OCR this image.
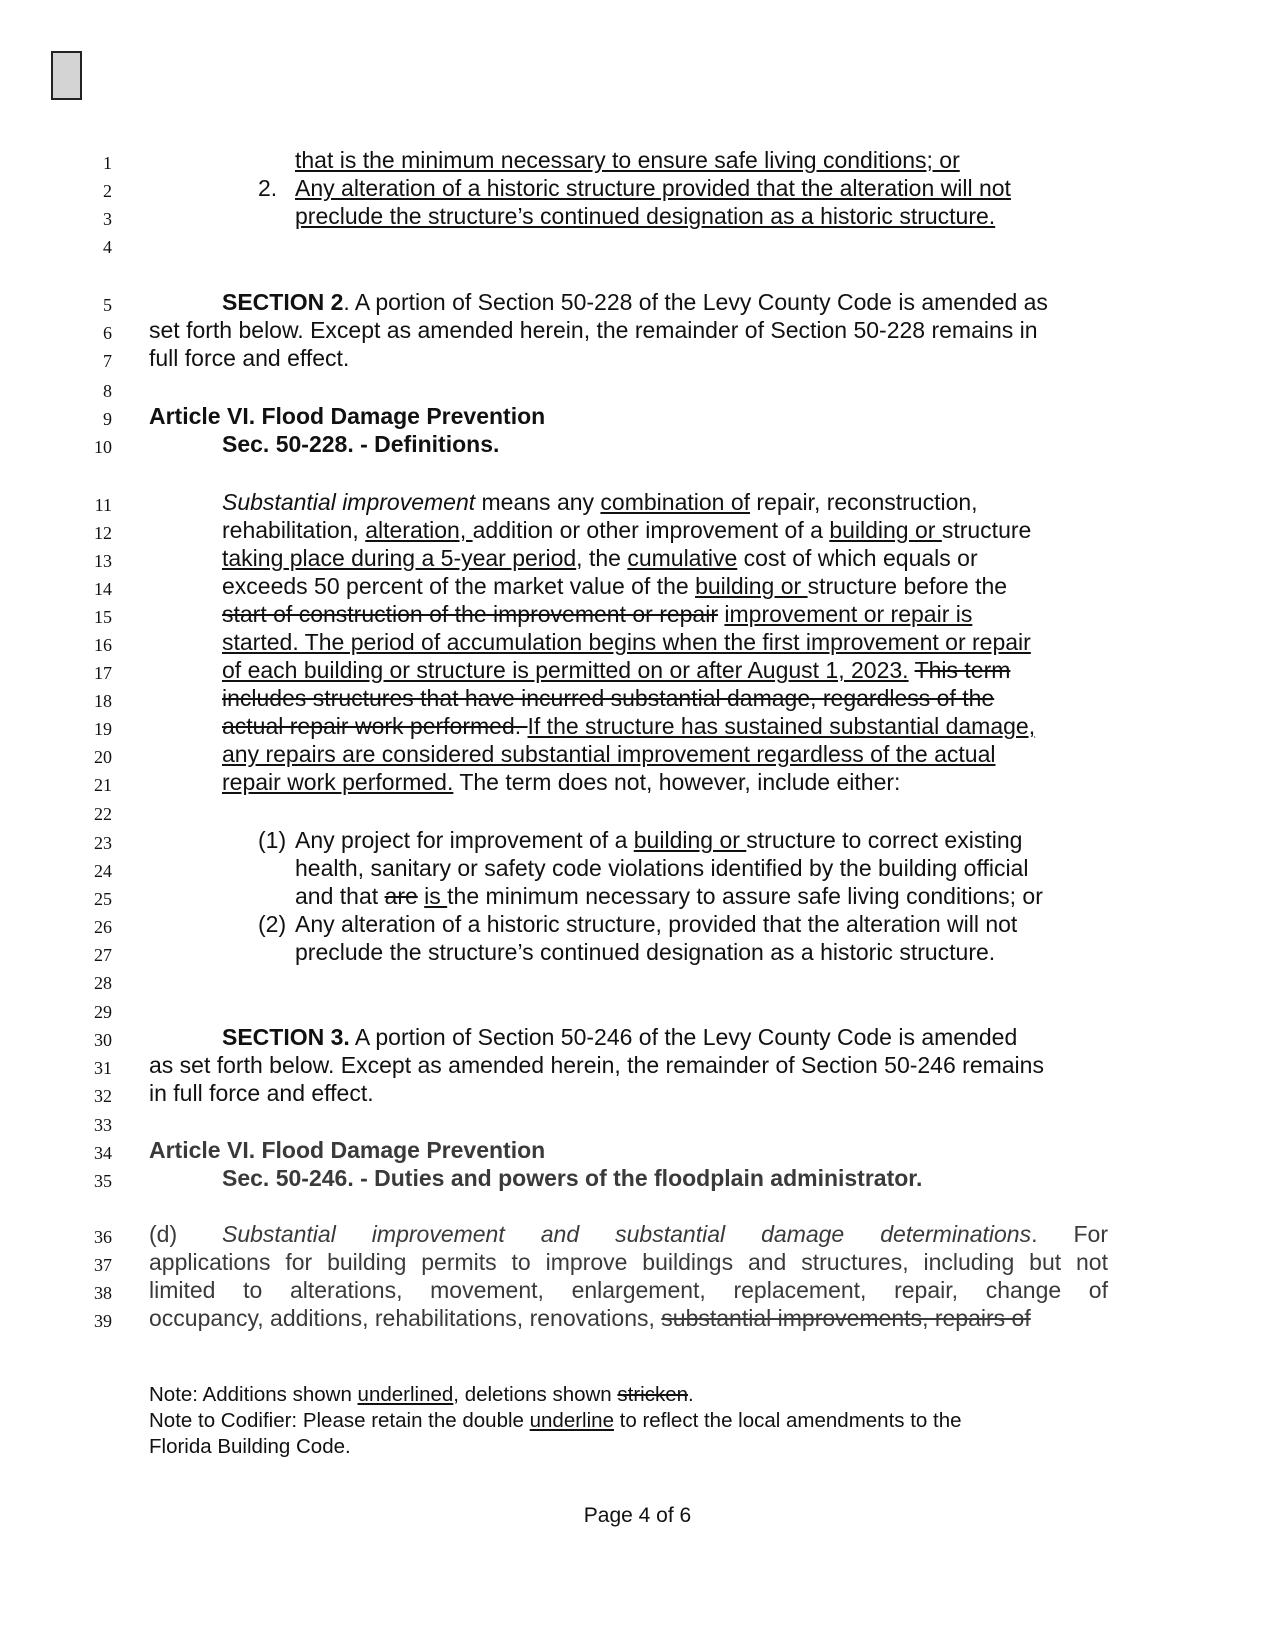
1
2
3
4
5
6
7
8
9
10
11
12
13
14
15
16
17
18
19
20
21
22
23
24
25
26
27
28
29
30
31
32
33
34
35
36
37
38
39
that is the minimum necessary to ensure safe living conditions; or
2. Any alteration of a historic structure provided that the alteration will not
preclude the structure’s continued designation as a historic structure.
SECTION 2. A portion of Section 50-228 of the Levy County Code is amended as
set forth below. Except as amended herein, the remainder of Section 50-228 remains in
full force and effect.
Article VI. Flood Damage Prevention
Sec. 50-228. - Definitions.
Substantial improvement means any combination of repair, reconstruction,
rehabilitation, alteration, addition or other improvement of a building or structure
taking place during a 5-year period, the cumulative cost of which equals or
exceeds 50 percent of the market value of the building or structure before the
start of construction of the improvement or repair improvement or repair is
started. The period of accumulation begins when the first improvement or repair
of each building or structure is permitted on or after August 1, 2023. This term
includes structures that have incurred substantial damage, regardless of the
actual repair work performed. If the structure has sustained substantial damage,
any repairs are considered substantial improvement regardless of the actual
repair work performed. The term does not, however, include either:
(1) Any project for improvement of a building or structure to correct existing
health, sanitary or safety code violations identified by the building official
and that are is the minimum necessary to assure safe living conditions; or
(2) Any alteration of a historic structure, provided that the alteration will not
preclude the structure’s continued designation as a historic structure.
SECTION 3. A portion of Section 50-246 of the Levy County Code is amended
as set forth below. Except as amended herein, the remainder of Section 50-246 remains
in full force and effect.
Article VI. Flood Damage Prevention
Sec. 50-246. - Duties and powers of the floodplain administrator.
(d) Substantial improvement and substantial damage determinations. For
applications for building permits to improve buildings and structures, including but not
limited to alterations, movement, enlargement, replacement, repair, change of
occupancy, additions, rehabilitations, renovations, substantial improvements, repairs of
Note: Additions shown underlined, deletions shown stricken.
Note to Codifier: Please retain the double underline to reflect the local amendments to the
Florida Building Code.
Page 4 of 6
